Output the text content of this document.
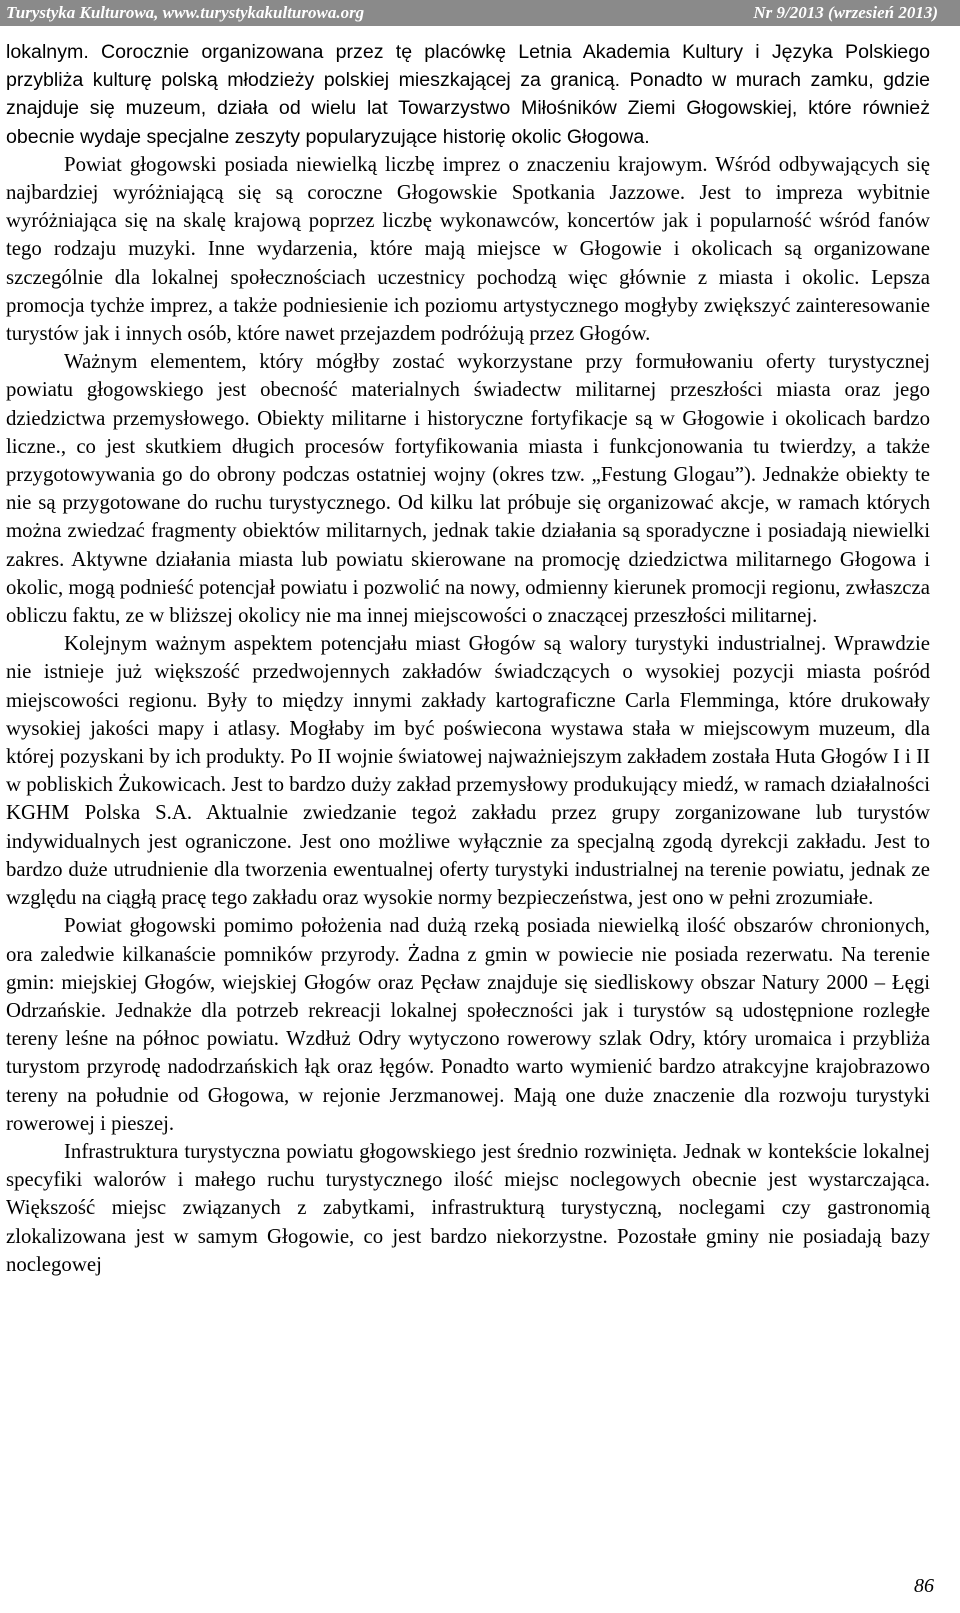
Turystyka Kulturowa, www.turystykakulturowa.org	Nr 9/2013 (wrzesień 2013)

lokalnym. Corocznie organizowana przez tę placówkę Letnia Akademia Kultury i Języka Polskiego przybliża kulturę polską młodzieży polskiej mieszkającej za granicą. Ponadto w murach zamku, gdzie znajduje się muzeum, działa od wielu lat Towarzystwo Miłośników Ziemi Głogowskiej, które również obecnie wydaje specjalne zeszyty popularyzujące historię okolic Głogowa.

Powiat głogowski posiada niewielką liczbę imprez o znaczeniu krajowym. Wśród odbywających się najbardziej wyróżniającą się są coroczne Głogowskie Spotkania Jazzowe. Jest to impreza wybitnie wyróżniająca się na skalę krajową poprzez liczbę wykonawców, koncertów jak i popularność wśród fanów tego rodzaju muzyki. Inne wydarzenia, które mają miejsce w Głogowie i okolicach są organizowane szczególnie dla lokalnej społecznościach uczestnicy pochodzą więc głównie z miasta i okolic. Lepsza promocja tychże imprez, a także podniesienie ich poziomu artystycznego mogłyby zwiększyć zainteresowanie turystów jak i innych osób, które nawet przejazdem podróżują przez Głogów.

Ważnym elementem, który mógłby zostać wykorzystane przy formułowaniu oferty turystycznej powiatu głogowskiego jest obecność materialnych świadectw militarnej przeszłości miasta oraz jego dziedzictwa przemysłowego. Obiekty militarne i historyczne fortyfikacje są w Głogowie i okolicach bardzo liczne., co jest skutkiem długich procesów fortyfikowania miasta i funkcjonowania tu twierdzy, a także przygotowywania go do obrony podczas ostatniej wojny (okres tzw. „Festung Glogau”). Jednakże obiekty te nie są przygotowane do ruchu turystycznego. Od kilku lat próbuje się organizować akcje, w ramach których można zwiedzać fragmenty obiektów militarnych, jednak takie działania są sporadyczne i posiadają niewielki zakres. Aktywne działania miasta lub powiatu skierowane na promocję dziedzictwa militarnego Głogowa i okolic, mogą podnieść potencjał powiatu i pozwolić na nowy, odmienny kierunek promocji regionu, zwłaszcza obliczu faktu, ze w bliższej okolicy nie ma innej miejscowości o znaczącej przeszłości militarnej.

Kolejnym ważnym aspektem potencjału miast Głogów są walory turystyki industrialnej. Wprawdzie nie istnieje już większość przedwojennych zakładów świadczących o wysokiej pozycji miasta pośród miejscowości regionu. Były to między innymi zakłady kartograficzne Carla Flemminga, które drukowały wysokiej jakości mapy i atlasy. Mogłaby im być poświecona wystawa stała w miejscowym muzeum, dla której pozyskani by ich produkty. Po II wojnie światowej najważniejszym zakładem została Huta Głogów I i II w pobliskich Żukowicach. Jest to bardzo duży zakład przemysłowy produkujący miedź, w ramach działalności KGHM Polska S.A. Aktualnie zwiedzanie tegoż zakładu przez grupy zorganizowane lub turystów indywidualnych jest ograniczone. Jest ono możliwe wyłącznie za specjalną zgodą dyrekcji zakładu. Jest to bardzo duże utrudnienie dla tworzenia ewentualnej oferty turystyki industrialnej na terenie powiatu, jednak ze względu na ciągłą pracę tego zakładu oraz wysokie normy bezpieczeństwa, jest ono w pełni zrozumiałe.

Powiat głogowski pomimo położenia nad dużą rzeką posiada niewielką ilość obszarów chronionych, ora zaledwie kilkanaście pomników przyrody. Żadna z gmin w powiecie nie posiada rezerwatu. Na terenie gmin: miejskiej Głogów, wiejskiej Głogów oraz Pęcław znajduje się siedliskowy obszar Natury 2000 – Łęgi Odrzańskie. Jednakże dla potrzeb rekreacji lokalnej społeczności jak i turystów są udostępnione rozległe tereny leśne na północ powiatu. Wzdłuż Odry wytyczono rowerowy szlak Odry, który uromaica i przybliża turystom przyrodę nadodrzańskich łąk oraz łęgów. Ponadto warto wymienić bardzo atrakcyjne krajobrazowo tereny na południe od Głogowa, w rejonie Jerzmanowej. Mają one duże znaczenie dla rozwoju turystyki rowerowej i pieszej.

Infrastruktura turystyczna powiatu głogowskiego jest średnio rozwinięta. Jednak w kontekście lokalnej specyfiki walorów i małego ruchu turystycznego ilość miejsc noclegowych obecnie jest wystarczająca. Większość miejsc związanych z zabytkami, infrastrukturą turystyczną, noclegami czy gastronomią zlokalizowana jest w samym Głogowie, co jest bardzo niekorzystne. Pozostałe gminy nie posiadają bazy noclegowej

86
